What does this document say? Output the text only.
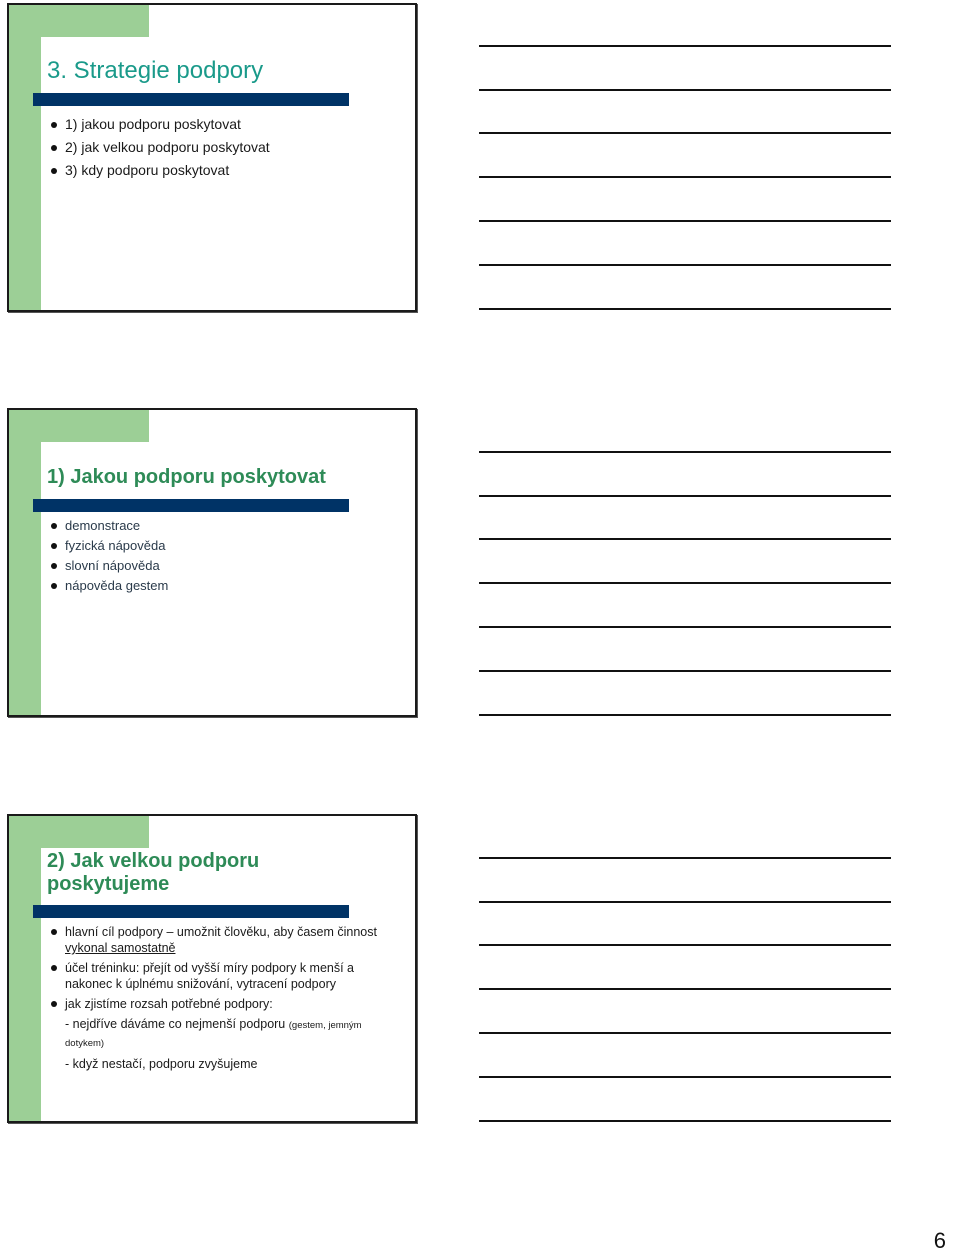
3. Strategie podpory
1) jakou podporu poskytovat
2) jak velkou podporu poskytovat
3) kdy podporu poskytovat
1) Jakou podporu poskytovat
demonstrace
fyzická nápověda
slovní nápověda
nápověda gestem
2) Jak velkou podporu
poskytujeme
hlavní cíl podpory – umožnit člověku, aby časem činnost vykonal samostatně
účel tréninku: přejít od vyšší míry podpory k menší a nakonec k úplnému snižování, vytracení podpory
jak zjistíme rozsah potřebné podpory:
- nejdříve dáváme co nejmenší podporu (gestem, jemným dotykem)
- když nestačí, podporu zvyšujeme
6
